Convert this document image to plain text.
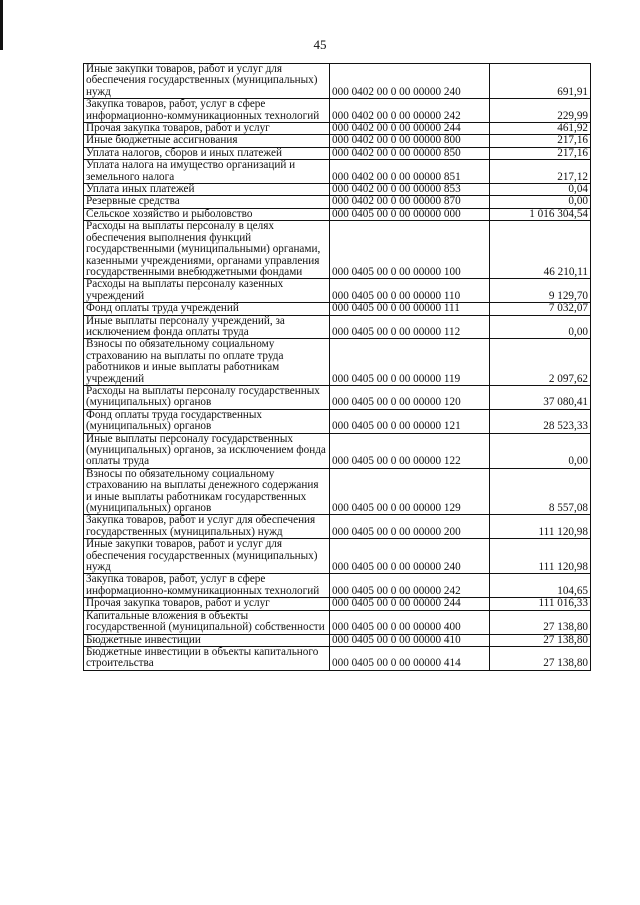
45
Иные закупки товаров, работ и услуг для обеспечения государственных (муниципальных) нужд	000 0402 00 0 00 00000 240	691,91
Закупка товаров, работ, услуг в сфере информационно-коммуникационных технологий	000 0402 00 0 00 00000 242	229,99
Прочая закупка товаров, работ и услуг	000 0402 00 0 00 00000 244	461,92
Иные бюджетные ассигнования	000 0402 00 0 00 00000 800	217,16
Уплата налогов, сборов и иных платежей	000 0402 00 0 00 00000 850	217,16
Уплата налога на имущество организаций и земельного налога	000 0402 00 0 00 00000 851	217,12
Уплата иных платежей	000 0402 00 0 00 00000 853	0,04
Резервные средства	000 0402 00 0 00 00000 870	0,00
Сельское хозяйство и рыболовство	000 0405 00 0 00 00000 000	1 016 304,54
Расходы на выплаты персоналу в целях обеспечения выполнения функций государственными (муниципальными) органами, казенными учреждениями, органами управления государственными внебюджетными фондами	000 0405 00 0 00 00000 100	46 210,11
Расходы на выплаты персоналу казенных учреждений	000 0405 00 0 00 00000 110	9 129,70
Фонд оплаты труда учреждений	000 0405 00 0 00 00000 111	7 032,07
Иные выплаты персоналу учреждений, за исключением фонда оплаты труда	000 0405 00 0 00 00000 112	0,00
Взносы по обязательному социальному страхованию на выплаты по оплате труда работников и иные выплаты работникам учреждений	000 0405 00 0 00 00000 119	2 097,62
Расходы на выплаты персоналу государственных (муниципальных) органов	000 0405 00 0 00 00000 120	37 080,41
Фонд оплаты труда государственных (муниципальных) органов	000 0405 00 0 00 00000 121	28 523,33
Иные выплаты персоналу государственных (муниципальных) органов, за исключением фонда оплаты труда	000 0405 00 0 00 00000 122	0,00
Взносы по обязательному социальному страхованию на выплаты денежного содержания и иные выплаты работникам государственных (муниципальных) органов	000 0405 00 0 00 00000 129	8 557,08
Закупка товаров, работ и услуг для обеспечения государственных (муниципальных) нужд	000 0405 00 0 00 00000 200	111 120,98
Иные закупки товаров, работ и услуг для обеспечения государственных (муниципальных) нужд	000 0405 00 0 00 00000 240	111 120,98
Закупка товаров, работ, услуг в сфере информационно-коммуникационных технологий	000 0405 00 0 00 00000 242	104,65
Прочая закупка товаров, работ и услуг	000 0405 00 0 00 00000 244	111 016,33
Капитальные вложения в объекты государственной (муниципальной) собственности	000 0405 00 0 00 00000 400	27 138,80
Бюджетные инвестиции	000 0405 00 0 00 00000 410	27 138,80
Бюджетные инвестиции в объекты капитального строительства	000 0405 00 0 00 00000 414	27 138,80
